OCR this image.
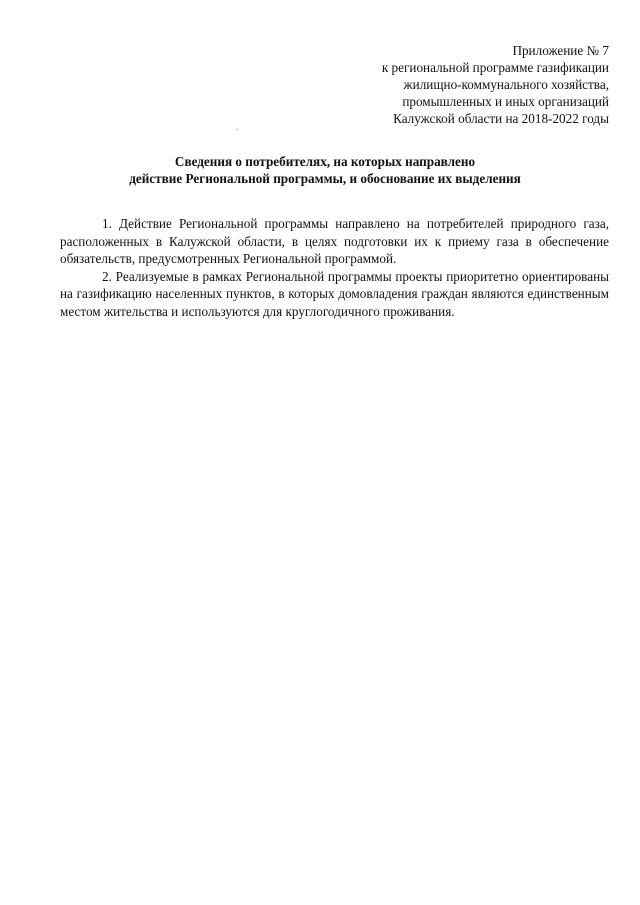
Приложение № 7
к региональной программе газификации
жилищно-коммунального хозяйства,
промышленных и иных организаций
Калужской области на 2018-2022 годы
Сведения о потребителях, на которых направлено
действие Региональной программы, и обоснование их выделения

1. Действие Региональной программы направлено на потребителей природного газа, расположенных в Калужской области, в целях подготовки их к приему газа в обеспечение обязательств, предусмотренных Региональной программой.

2. Реализуемые в рамках Региональной программы проекты приоритетно ориентированы на газификацию населенных пунктов, в которых домовладения граждан являются единственным местом жительства и используются для круглогодичного проживания.
